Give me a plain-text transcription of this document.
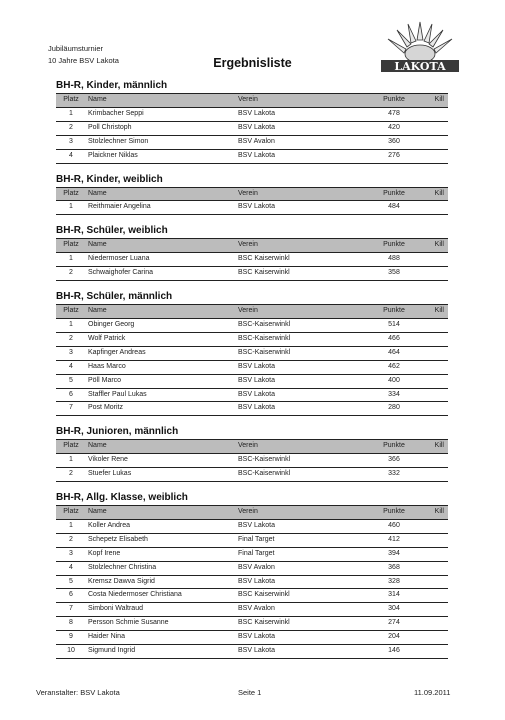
Jubiläumsturnier
10 Jahre BSV Lakota	Ergebnisliste	LAKOTA
BH-R, Kinder, männlich
Platz	Name	Verein	Punkte	Kill
1	Krimbacher Seppi	BSV Lakota	478	
2	Poll Christoph	BSV Lakota	420	
3	Stolzlechner Simon	BSV Avalon	360	
4	Plaickner Niklas	BSV Lakota	276	
BH-R, Kinder, weiblich
Platz	Name	Verein	Punkte	Kill
1	Reithmaier Angelina	BSV Lakota	484	
BH-R, Schüler, weiblich
Platz	Name	Verein	Punkte	Kill
1	Niedermoser Luana	BSC Kaiserwinkl	488	
2	Schwaighofer Carina	BSC Kaiserwinkl	358	
BH-R, Schüler, männlich
Platz	Name	Verein	Punkte	Kill
1	Obinger Georg	BSC-Kaiserwinkl	514	
2	Wolf Patrick	BSC-Kaiserwinkl	466	
3	Kapfinger Andreas	BSC-Kaiserwinkl	464	
4	Haas Marco	BSV Lakota	462	
5	Pöll Marco	BSV Lakota	400	
6	Staffler Paul Lukas	BSV Lakota	334	
7	Post Moritz	BSV Lakota	280	
BH-R, Junioren, männlich
Platz	Name	Verein	Punkte	Kill
1	Vikoler Rene	BSC-Kaiserwinkl	366	
2	Stuefer Lukas	BSC-Kaiserwinkl	332	
BH-R, Allg. Klasse, weiblich
Platz	Name	Verein	Punkte	Kill
1	Koller Andrea	BSV Lakota	460	
2	Schepetz Elisabeth	Final Target	412	
3	Kopf Irene	Final Target	394	
4	Stolzlechner Christina	BSV Avalon	368	
5	Kremsz Dawva Sigrid	BSV Lakota	328	
6	Costa Niedermoser Christiana	BSC Kaiserwinkl	314	
7	Simboni Waltraud	BSV Avalon	304	
8	Persson Schmie Susanne	BSC Kaiserwinkl	274	
9	Haider Nina	BSV Lakota	204	
10	Sigmund Ingrid	BSV Lakota	146	
Veranstalter: BSV Lakota	Seite 1	11.09.2011
